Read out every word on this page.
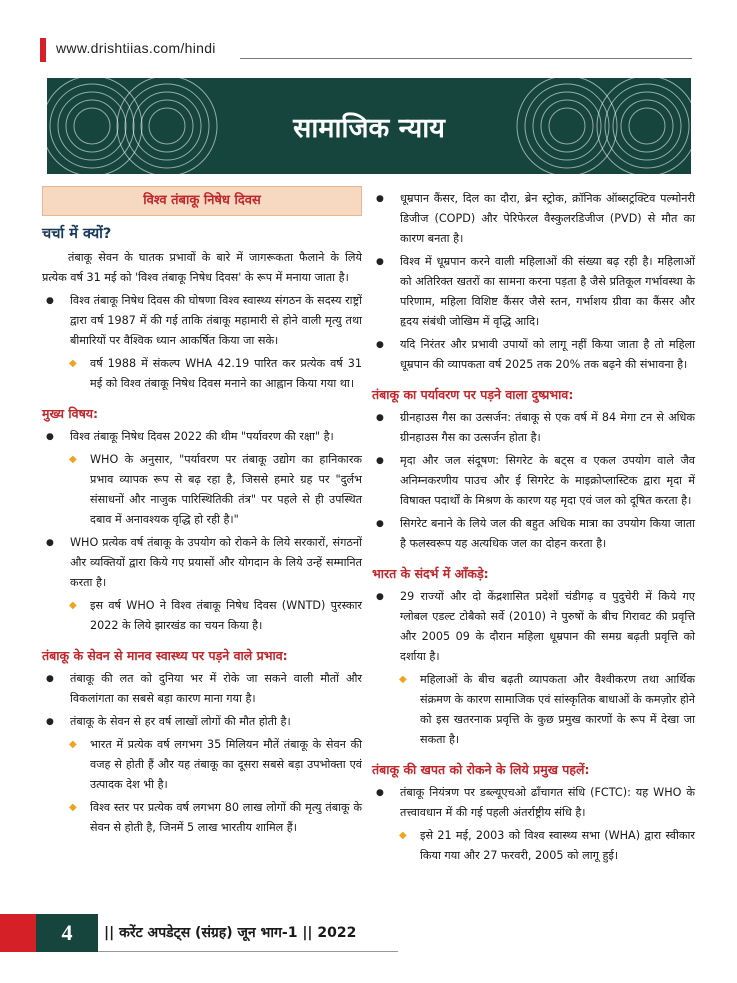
www.drishtiias.com/hindi
सामाजिक न्याय
विश्व तंबाकू निषेध दिवस
चर्चा में क्यों?
तंबाकू सेवन के घातक प्रभावों के बारे में जागरूकता फैलाने के लिये प्रत्येक वर्ष 31 मई को 'विश्व तंबाकू निषेध दिवस' के रूप में मनाया जाता है।
● विश्व तंबाकू निषेध दिवस की घोषणा विश्व स्वास्थ्य संगठन के सदस्य राष्ट्रों द्वारा वर्ष 1987 में की गई ताकि तंबाकू महामारी से होने वाली मृत्यु तथा बीमारियों पर वैश्विक ध्यान आकर्षित किया जा सके।
◆ वर्ष 1988 में संकल्प WHA 42.19 पारित कर प्रत्येक वर्ष 31 मई को विश्व तंबाकू निषेध दिवस मनाने का आह्वान किया गया था।
मुख्य विषय:
● विश्व तंबाकू निषेध दिवस 2022 की थीम "पर्यावरण की रक्षा" है।
◆ WHO के अनुसार, "पर्यावरण पर तंबाकू उद्योग का हानिकारक प्रभाव व्यापक रूप से बढ़ रहा है, जिससे हमारे ग्रह पर "दुर्लभ संसाधनों और नाजुक पारिस्थितिकी तंत्र" पर पहले से ही उपस्थित दबाव में अनावश्यक वृद्धि हो रही है।"
● WHO प्रत्येक वर्ष तंबाकू के उपयोग को रोकने के लिये सरकारों, संगठनों और व्यक्तियों द्वारा किये गए प्रयासों और योगदान के लिये उन्हें सम्मानित करता है।
◆ इस वर्ष WHO ने विश्व तंबाकू निषेध दिवस (WNTD) पुरस्कार 2022 के लिये झारखंड का चयन किया है।
तंबाकू के सेवन से मानव स्वास्थ्य पर पड़ने वाले प्रभाव:
● तंबाकू की लत को दुनिया भर में रोके जा सकने वाली मौतों और विकलांगता का सबसे बड़ा कारण माना गया है।
● तंबाकू के सेवन से हर वर्ष लाखों लोगों की मौत होती है।
◆ भारत में प्रत्येक वर्ष लगभग 35 मिलियन मौतें तंबाकू के सेवन की वजह से होती हैं और यह तंबाकू का दूसरा सबसे बड़ा उपभोक्ता एवं उत्पादक देश भी है।
◆ विश्व स्तर पर प्रत्येक वर्ष लगभग 80 लाख लोगों की मृत्यु तंबाकू के सेवन से होती है, जिनमें 5 लाख भारतीय शामिल हैं।
● धूम्रपान कैंसर, दिल का दौरा, ब्रेन स्ट्रोक, क्रॉनिक ऑब्सट्रक्टिव पल्मोनरी डिजीज (COPD) और पेरिफेरल वैस्कुलरडिजीज (PVD) से मौत का कारण बनता है।
● विश्व में धूम्रपान करने वाली महिलाओं की संख्या बढ़ रही है। महिलाओं को अतिरिक्त खतरों का सामना करना पड़ता है जैसे प्रतिकूल गर्भावस्था के परिणाम, महिला विशिष्ट कैंसर जैसे स्तन, गर्भाशय ग्रीवा का कैंसर और हृदय संबंधी जोखिम में वृद्धि आदि।
● यदि निरंतर और प्रभावी उपायों को लागू नहीं किया जाता है तो महिला धूम्रपान की व्यापकता वर्ष 2025 तक 20% तक बढ़ने की संभावना है।
तंबाकू का पर्यावरण पर पड़ने वाला दुष्प्रभाव:
● ग्रीनहाउस गैस का उत्सर्जन: तंबाकू से एक वर्ष में 84 मेगा टन से अधिक ग्रीनहाउस गैस का उत्सर्जन होता है।
● मृदा और जल संदूषण: सिगरेट के बट्स व एकल उपयोग वाले जैव अनिम्नकरणीय पाउच और ई सिगरेट के माइक्रोप्लास्टिक द्वारा मृदा में विषाक्त पदार्थों के मिश्रण के कारण यह मृदा एवं जल को दूषित करता है।
● सिगरेट बनाने के लिये जल की बहुत अधिक मात्रा का उपयोग किया जाता है फलस्वरूप यह अत्यधिक जल का दोहन करता है।
भारत के संदर्भ में आँकड़े:
● 29 राज्यों और दो केंद्रशासित प्रदेशों चंडीगढ़ व पुदुचेरी में किये गए ग्लोबल एडल्ट टोबैको सर्वे (2010) ने पुरुषों के बीच गिरावट की प्रवृत्ति और 2005 09 के दौरान महिला धूम्रपान की समग्र बढ़ती प्रवृत्ति को दर्शाया है।
◆ महिलाओं के बीच बढ़ती व्यापकता और वैश्वीकरण तथा आर्थिक संक्रमण के कारण सामाजिक एवं सांस्कृतिक बाधाओं के कमज़ोर होने को इस खतरनाक प्रवृत्ति के कुछ प्रमुख कारणों के रूप में देखा जा सकता है।
तंबाकू की खपत को रोकने के लिये प्रमुख पहलें:
● तंबाकू नियंत्रण पर डब्ल्यूएचओ ढाँचागत संधि (FCTC): यह WHO के तत्त्वावधान में की गई पहली अंतर्राष्ट्रीय संधि है।
◆ इसे 21 मई, 2003 को विश्व स्वास्थ्य सभा (WHA) द्वारा स्वीकार किया गया और 27 फरवरी, 2005 को लागू हुई।
4	|| करेंट अपडेट्स (संग्रह) जून भाग-1 || 2022
